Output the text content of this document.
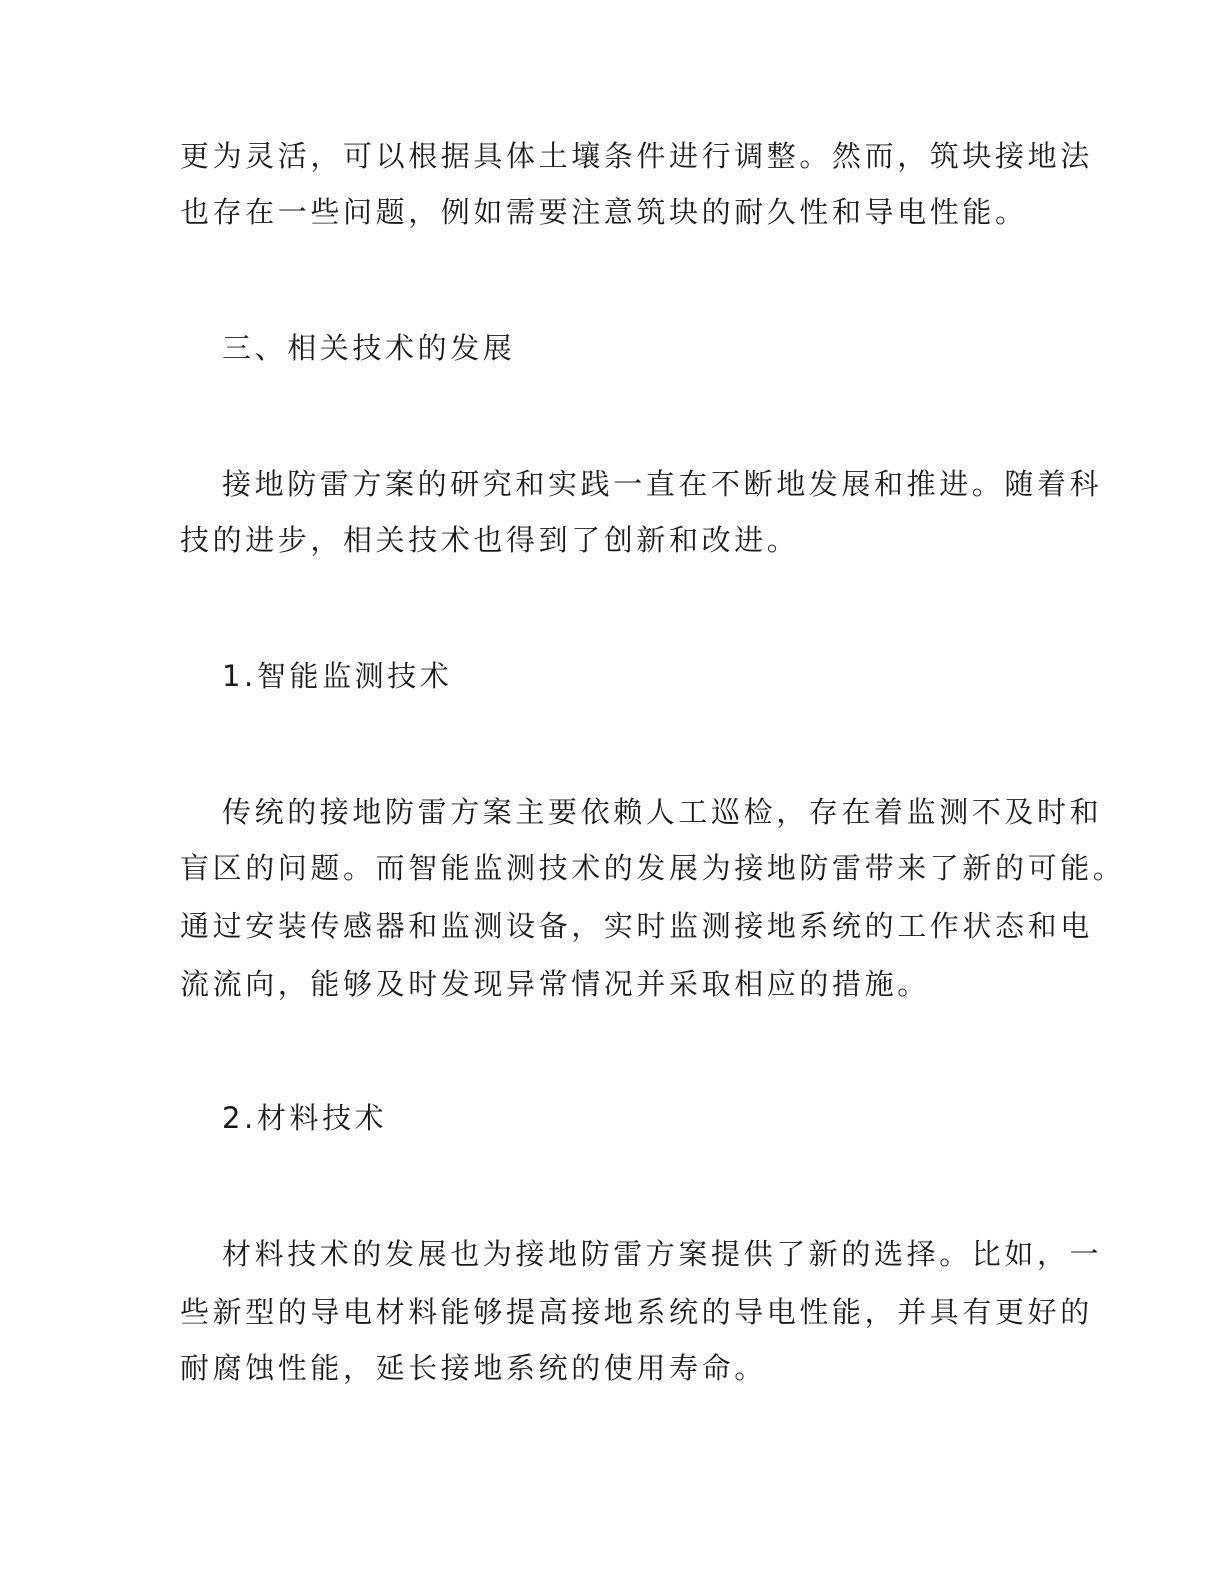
更为灵活，可以根据具体土壤条件进行调整。然而，筑块接地法
也存在一些问题，例如需要注意筑块的耐久性和导电性能。
三、相关技术的发展
接地防雷方案的研究和实践一直在不断地发展和推进。随着科
技的进步，相关技术也得到了创新和改进。
1.智能监测技术
传统的接地防雷方案主要依赖人工巡检，存在着监测不及时和
盲区的问题。而智能监测技术的发展为接地防雷带来了新的可能。
通过安装传感器和监测设备，实时监测接地系统的工作状态和电
流流向，能够及时发现异常情况并采取相应的措施。
2.材料技术
材料技术的发展也为接地防雷方案提供了新的选择。比如，一
些新型的导电材料能够提高接地系统的导电性能，并具有更好的
耐腐蚀性能，延长接地系统的使用寿命。
